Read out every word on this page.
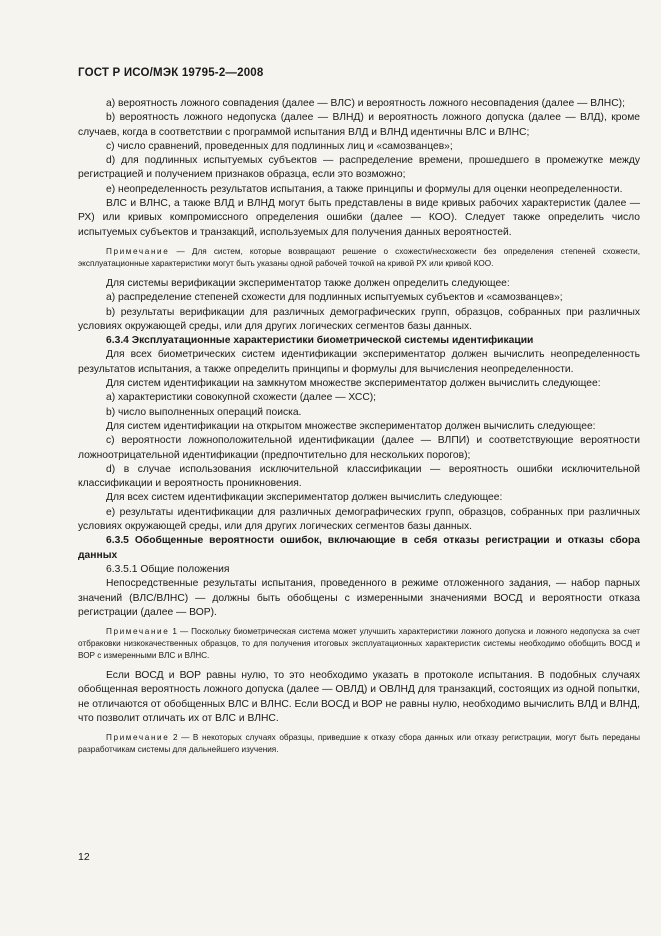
ГОСТ Р ИСО/МЭК 19795-2—2008

a) вероятность ложного совпадения (далее — ВЛС) и вероятность ложного несовпадения (далее — ВЛНС);

b) вероятность ложного недопуска (далее — ВЛНД) и вероятность ложного допуска (далее — ВЛД), кроме случаев, когда в соответствии с программой испытания ВЛД и ВЛНД идентичны ВЛС и ВЛНС;

c) число сравнений, проведенных для подлинных лиц и «самозванцев»;

d) для подлинных испытуемых субъектов — распределение времени, прошедшего в промежутке между регистрацией и получением признаков образца, если это возможно;

e) неопределенность результатов испытания, а также принципы и формулы для оценки неопределенности.

ВЛС и ВЛНС, а также ВЛД и ВЛНД могут быть представлены в виде кривых рабочих характеристик (далее — РХ) или кривых компромиссного определения ошибки (далее — КОО). Следует также определить число испытуемых субъектов и транзакций, используемых для получения данных вероятностей.

Примечание — Для систем, которые возвращают решение о схожести/несхожести без определения степеней схожести, эксплуатационные характеристики могут быть указаны одной рабочей точкой на кривой РХ или кривой КОО.

Для системы верификации экспериментатор также должен определить следующее:

a) распределение степеней схожести для подлинных испытуемых субъектов и «самозванцев»;

b) результаты верификации для различных демографических групп, образцов, собранных при различных условиях окружающей среды, или для других логических сегментов базы данных.

6.3.4 Эксплуатационные характеристики биометрической системы идентификации

Для всех биометрических систем идентификации экспериментатор должен вычислить неопределенность результатов испытания, а также определить принципы и формулы для вычисления неопределенности.

Для систем идентификации на замкнутом множестве экспериментатор должен вычислить следующее:

a) характеристики совокупной схожести (далее — ХСС);

b) число выполненных операций поиска.

Для систем идентификации на открытом множестве экспериментатор должен вычислить следующее:

c) вероятности ложноположительной идентификации (далее — ВЛПИ) и соответствующие вероятности ложноотрицательной идентификации (предпочтительно для нескольких порогов);

d) в случае использования исключительной классификации — вероятность ошибки исключительной классификации и вероятность проникновения.

Для всех систем идентификации экспериментатор должен вычислить следующее:

e) результаты идентификации для различных демографических групп, образцов, собранных при различных условиях окружающей среды, или для других логических сегментов базы данных.

6.3.5 Обобщенные вероятности ошибок, включающие в себя отказы регистрации и отказы сбора данных

6.3.5.1 Общие положения

Непосредственные результаты испытания, проведенного в режиме отложенного задания, — набор парных значений (ВЛС/ВЛНС) — должны быть обобщены с измеренными значениями ВОСД и вероятности отказа регистрации (далее — ВОР).

Примечание 1 — Поскольку биометрическая система может улучшить характеристики ложного допуска и ложного недопуска за счет отбраковки низкокачественных образцов, то для получения итоговых эксплуатационных характеристик системы необходимо обобщить ВОСД и ВОР с измеренными ВЛС и ВЛНС.

Если ВОСД и ВОР равны нулю, то это необходимо указать в протоколе испытания. В подобных случаях обобщенная вероятность ложного допуска (далее — ОВЛД) и ОВЛНД для транзакций, состоящих из одной попытки, не отличаются от обобщенных ВЛС и ВЛНС. Если ВОСД и ВОР не равны нулю, необходимо вычислить ВЛД и ВЛНД, что позволит отличать их от ВЛС и ВЛНС.

Примечание 2 — В некоторых случаях образцы, приведшие к отказу сбора данных или отказу регистрации, могут быть переданы разработчикам системы для дальнейшего изучения.

12
